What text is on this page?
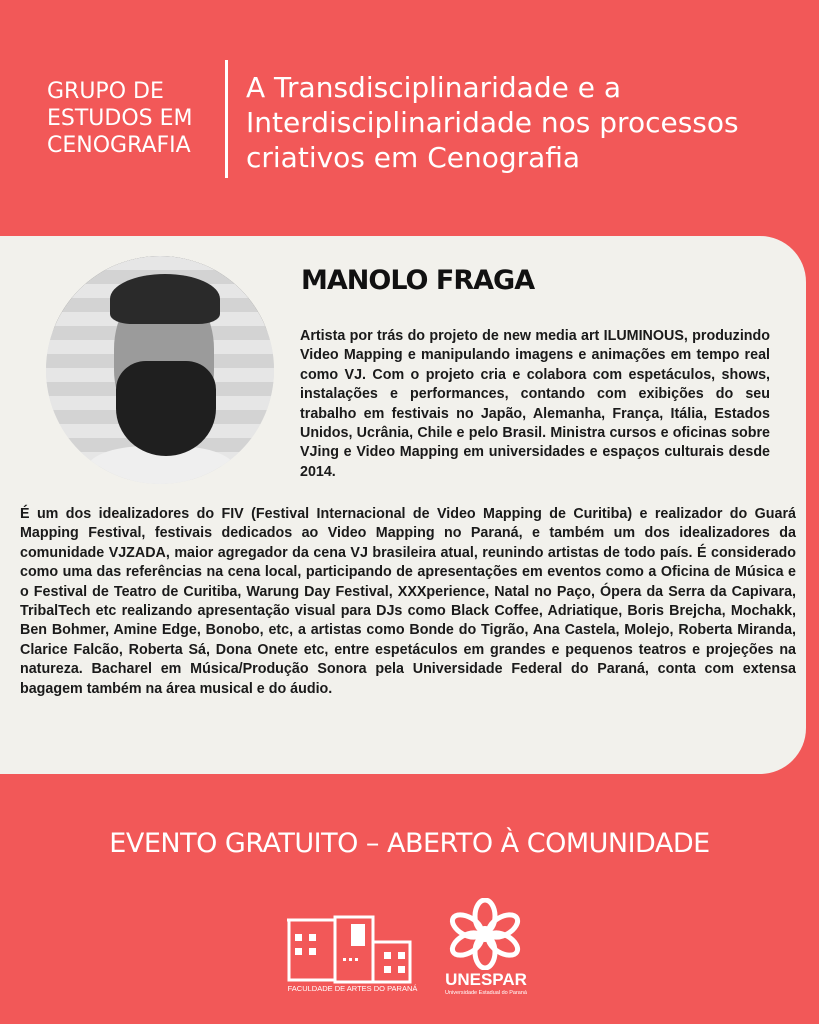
GRUPO DE
ESTUDOS EM
CENOGRAFIA
A Transdisciplinaridade e a Interdisciplinaridade nos processos criativos em Cenografia
MANOLO FRAGA
Artista por trás do projeto de new media art ILUMINOUS, produzindo Video Mapping e manipulando imagens e animações em tempo real como VJ. Com o projeto cria e colabora com espetáculos, shows, instalações e performances, contando com exibições do seu trabalho em festivais no Japão, Alemanha, França, Itália, Estados Unidos, Ucrânia, Chile e pelo Brasil. Ministra cursos e oficinas sobre VJing e Video Mapping em universidades e espaços culturais desde 2014.
É um dos idealizadores do FIV (Festival Internacional de Video Mapping de Curitiba) e realizador do Guará Mapping Festival, festivais dedicados ao Video Mapping no Paraná, e também um dos idealizadores da comunidade VJZADA, maior agregador da cena VJ brasileira atual, reunindo artistas de todo país. É considerado como uma das referências na cena local, participando de apresentações em eventos como a Oficina de Música e o Festival de Teatro de Curitiba, Warung Day Festival, XXXperience, Natal no Paço, Ópera da Serra da Capivara, TribalTech etc realizando apresentação visual para DJs como Black Coffee, Adriatique, Boris Brejcha, Mochakk, Ben Bohmer, Amine Edge, Bonobo, etc, a artistas como Bonde do Tigrão, Ana Castela, Molejo, Roberta Miranda, Clarice Falcão, Roberta Sá, Dona Onete etc, entre espetáculos em grandes e pequenos teatros e projeções na natureza. Bacharel em Música/Produção Sonora pela Universidade Federal do Paraná, conta com extensa bagagem também na área musical e do áudio.
EVENTO GRATUITO – ABERTO À COMUNIDADE
FACULDADE DE ARTES DO PARANÁ	UNESPAR
Universidade Estadual do Paraná
